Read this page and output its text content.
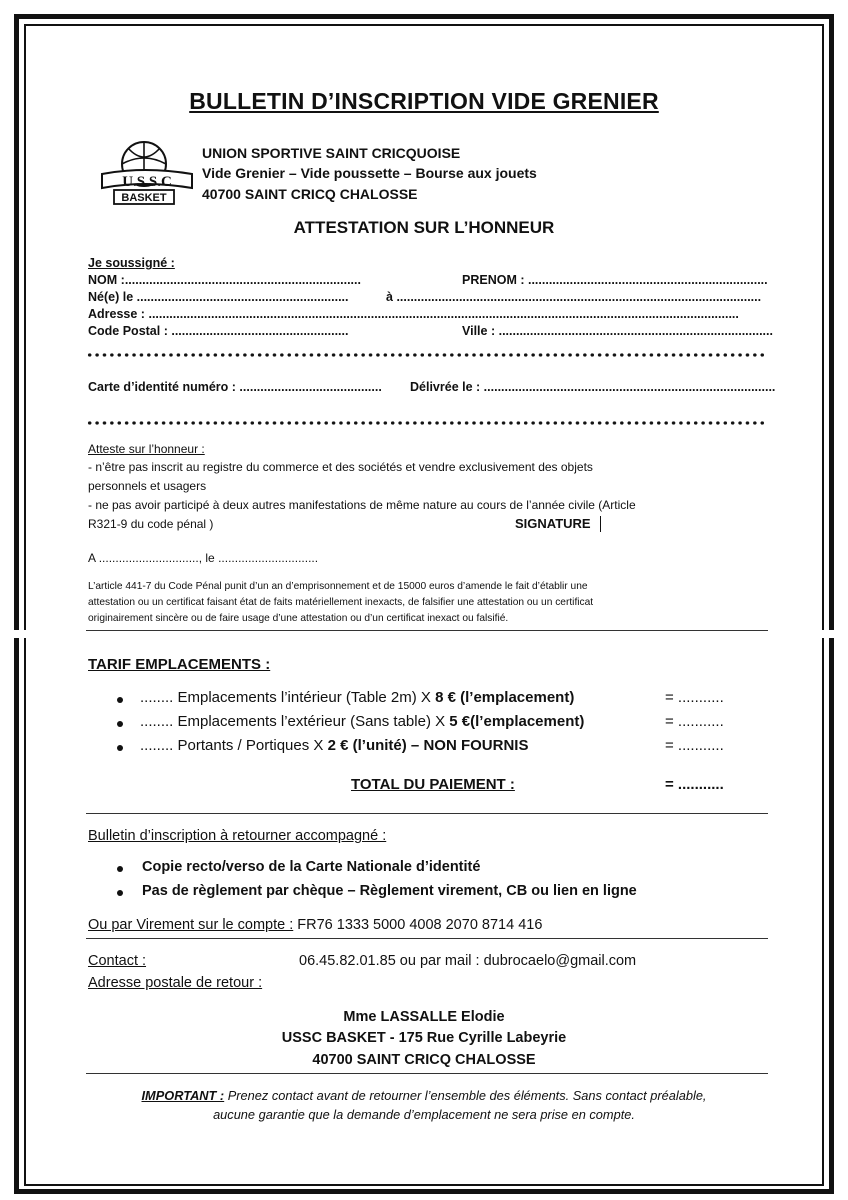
BULLETIN D’INSCRIPTION VIDE GRENIER
U.S.S.C
BASKET
UNION SPORTIVE SAINT CRICQUOISE
Vide Grenier – Vide poussette – Bourse aux jouets
40700 SAINT CRICQ CHALOSSE
ATTESTATION SUR L’HONNEUR
Je soussigné :
NOM :....................................................................	PRENOM : .....................................................................
Né(e) le .............................................................	à .........................................................................................................
Adresse : ..........................................................................................................................................................................
Code Postal : ...................................................	Ville : ...............................................................................
Carte d’identité numéro : ......................................... Délivrée le : ....................................................................................
Atteste sur l’honneur :
- n’être pas inscrit au registre du commerce et des sociétés et vendre exclusivement des objets
personnels et usagers
- ne pas avoir participé à deux autres manifestations de même nature au cours de l’année civile (Article
R321-9 du code pénal )	SIGNATURE
A .............................., le ..............................
L’article 441-7 du Code Pénal punit d’un an d’emprisonnement et de 15000 euros d’amende le fait d’établir une
attestation ou un certificat faisant état de faits matériellement inexacts, de falsifier une attestation ou un certificat
originairement sincère ou de faire usage d’une attestation ou d’un certificat inexact ou falsifié.
TARIF EMPLACEMENTS :
........ Emplacements l’intérieur (Table 2m) X 8 € (l’emplacement)	= ...........
........ Emplacements l’extérieur (Sans table) X 5 €(l’emplacement)	= ...........
........ Portants / Portiques X 2 € (l’unité) – NON FOURNIS	= ...........
TOTAL DU PAIEMENT :	= ...........
Bulletin d’inscription à retourner accompagné :
Copie recto/verso de la Carte Nationale d’identité
Pas de règlement par chèque – Règlement virement, CB ou lien en ligne
Ou par Virement sur le compte : FR76 1333 5000 4008 2070 8714 416
Contact :	06.45.82.01.85 ou par mail : dubrocaelo@gmail.com
Adresse postale de retour :
Mme LASSALLE Elodie
USSC BASKET - 175 Rue Cyrille Labeyrie
40700 SAINT CRICQ CHALOSSE
IMPORTANT : Prenez contact avant de retourner l’ensemble des éléments. Sans contact préalable,
aucune garantie que la demande d’emplacement ne sera prise en compte.
